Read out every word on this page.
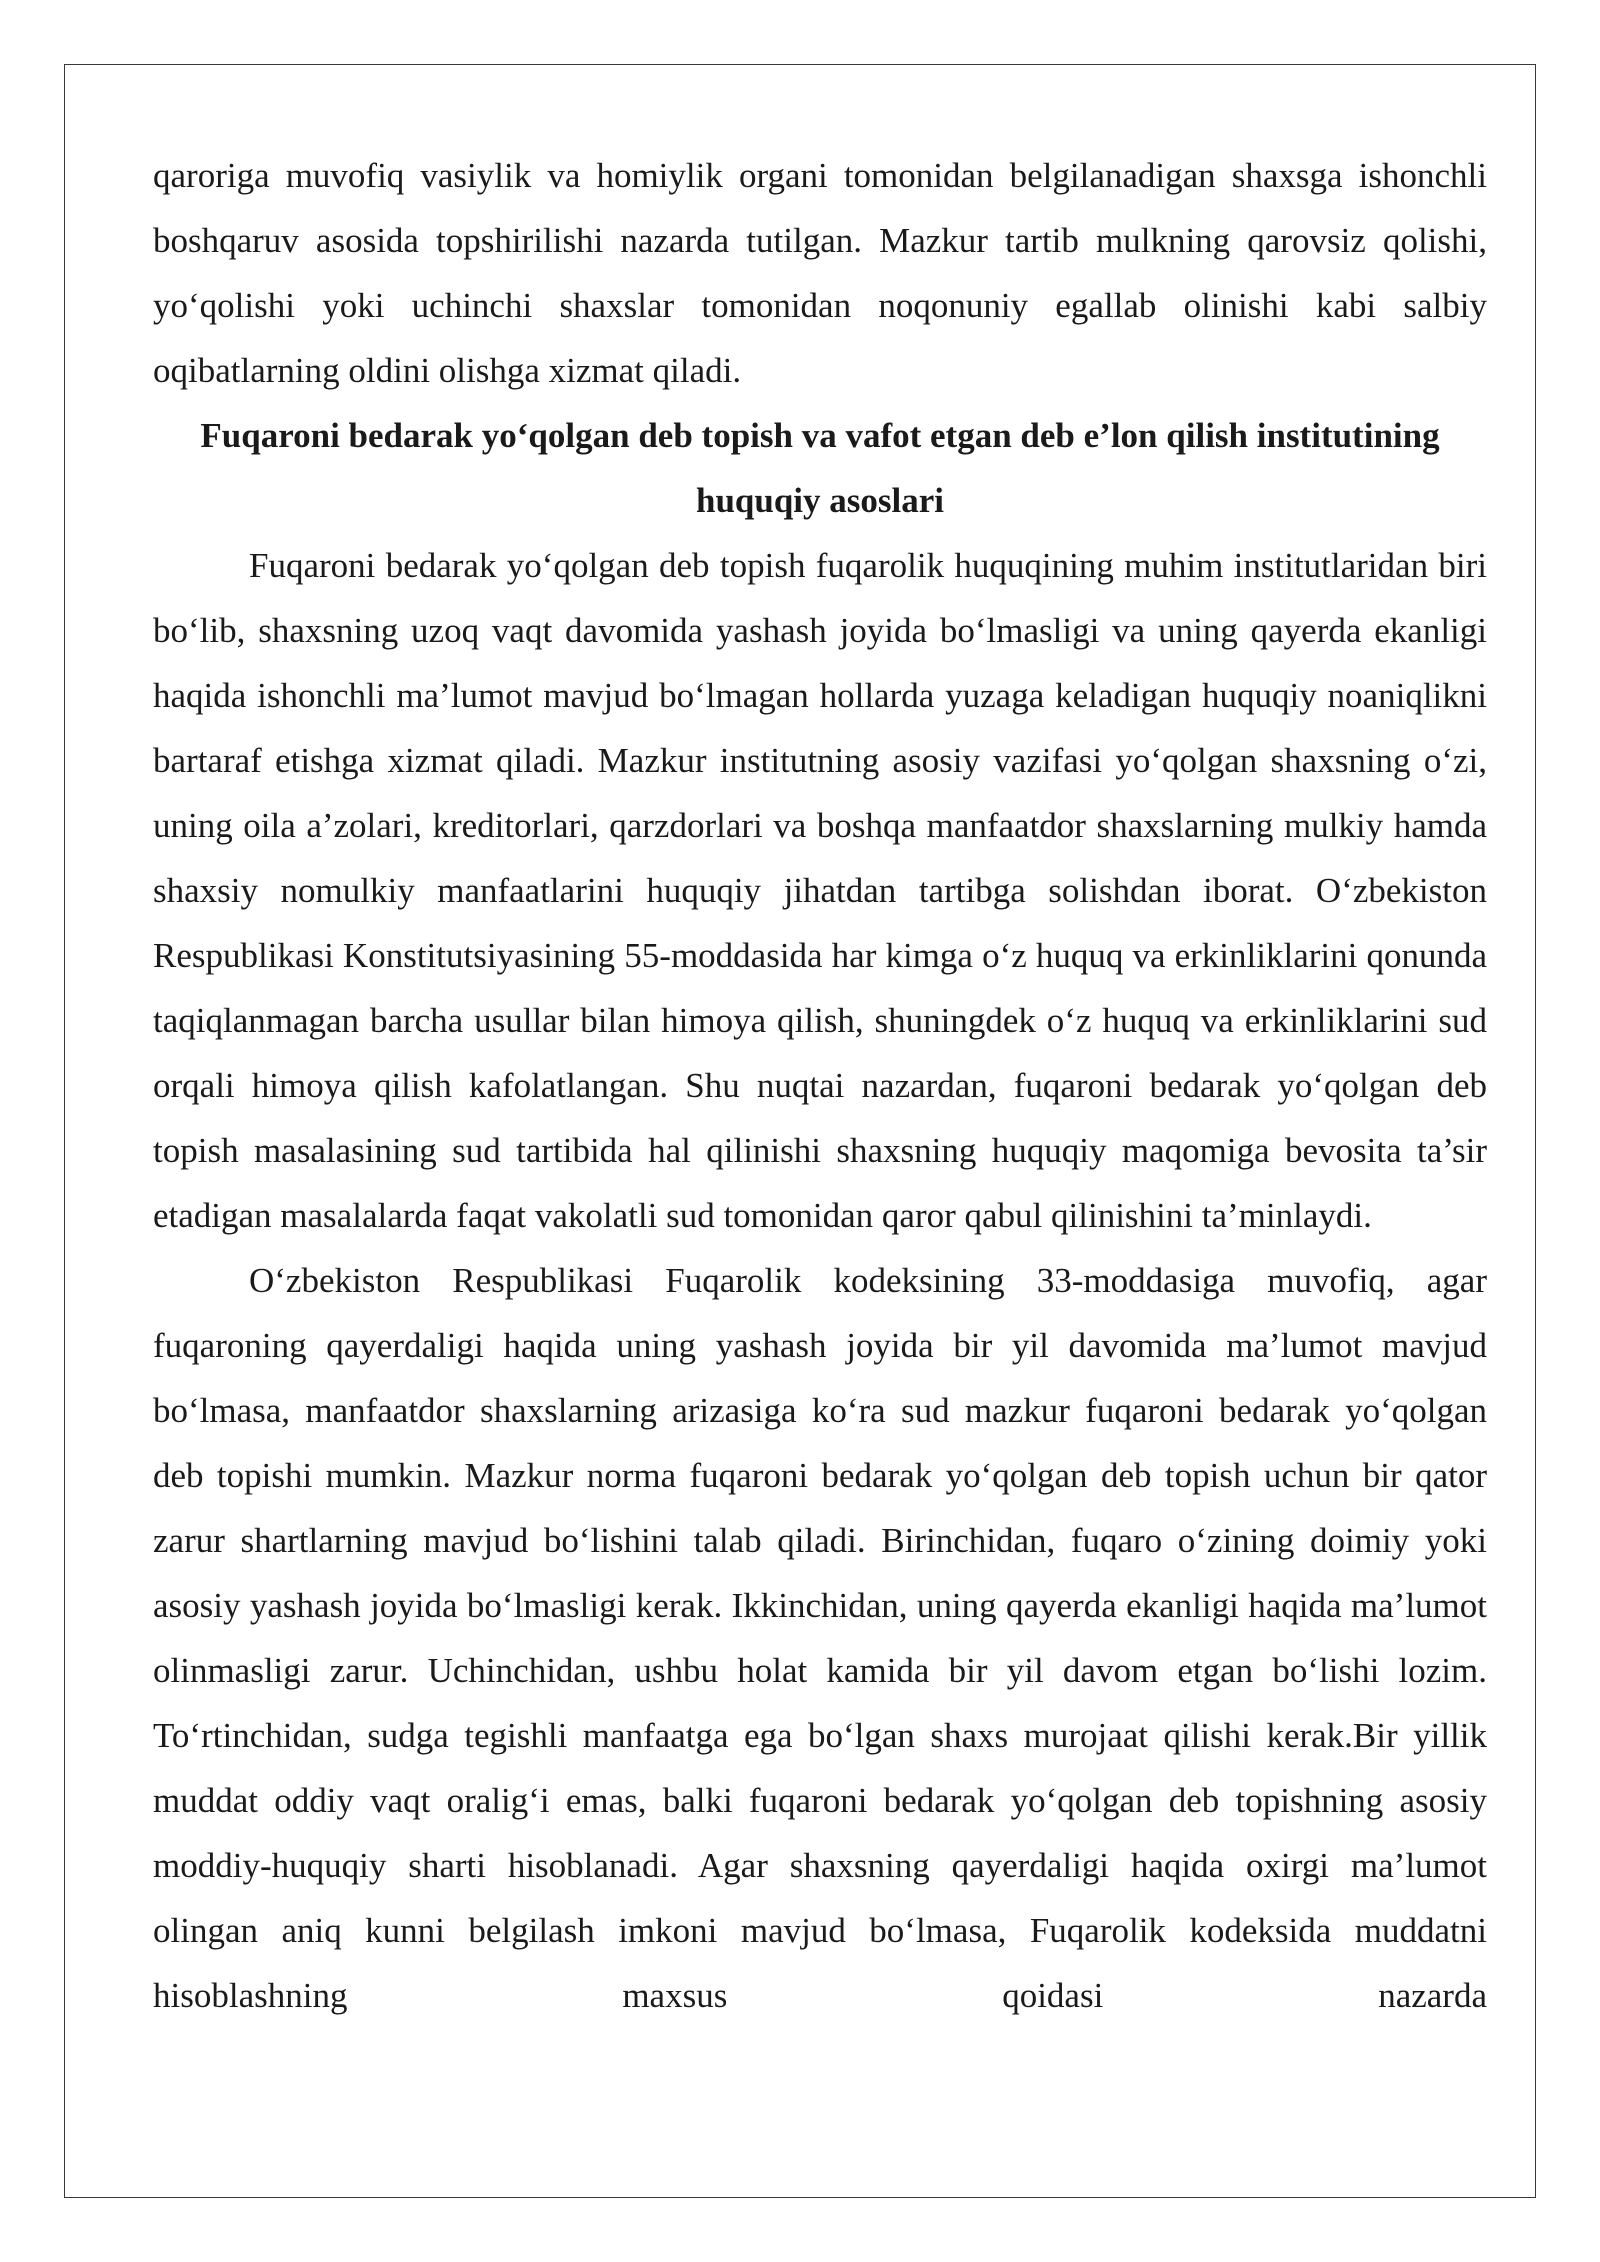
qaroriga muvofiq vasiylik va homiylik organi tomonidan belgilanadigan shaxsga ishonchli boshqaruv asosida topshirilishi nazarda tutilgan. Mazkur tartib mulkning qarovsiz qolishi, yo‘qolishi yoki uchinchi shaxslar tomonidan noqonuniy egallab olinishi kabi salbiy oqibatlarning oldini olishga xizmat qiladi.

Fuqaroni bedarak yo‘qolgan deb topish va vafot etgan deb e’lon qilish institutining huquqiy asoslari

Fuqaroni bedarak yo‘qolgan deb topish fuqarolik huquqining muhim institutlaridan biri bo‘lib, shaxsning uzoq vaqt davomida yashash joyida bo‘lmasligi va uning qayerda ekanligi haqida ishonchli ma’lumot mavjud bo‘lmagan hollarda yuzaga keladigan huquqiy noaniqlikni bartaraf etishga xizmat qiladi. Mazkur institutning asosiy vazifasi yo‘qolgan shaxsning o‘zi, uning oila a’zolari, kreditorlari, qarzdorlari va boshqa manfaatdor shaxslarning mulkiy hamda shaxsiy nomulkiy manfaatlarini huquqiy jihatdan tartibga solishdan iborat. O‘zbekiston Respublikasi Konstitutsiyasining 55-moddasida har kimga o‘z huquq va erkinliklarini qonunda taqiqlanmagan barcha usullar bilan himoya qilish, shuningdek o‘z huquq va erkinliklarini sud orqali himoya qilish kafolatlangan. Shu nuqtai nazardan, fuqaroni bedarak yo‘qolgan deb topish masalasining sud tartibida hal qilinishi shaxsning huquqiy maqomiga bevosita ta’sir etadigan masalalarda faqat vakolatli sud tomonidan qaror qabul qilinishini ta’minlaydi.

O‘zbekiston Respublikasi Fuqarolik kodeksining 33-moddasiga muvofiq, agar fuqaroning qayerdaligi haqida uning yashash joyida bir yil davomida ma’lumot mavjud bo‘lmasa, manfaatdor shaxslarning arizasiga ko‘ra sud mazkur fuqaroni bedarak yo‘qolgan deb topishi mumkin. Mazkur norma fuqaroni bedarak yo‘qolgan deb topish uchun bir qator zarur shartlarning mavjud bo‘lishini talab qiladi. Birinchidan, fuqaro o‘zining doimiy yoki asosiy yashash joyida bo‘lmasligi kerak. Ikkinchidan, uning qayerda ekanligi haqida ma’lumot olinmasligi zarur. Uchinchidan, ushbu holat kamida bir yil davom etgan bo‘lishi lozim. To‘rtinchidan, sudga tegishli manfaatga ega bo‘lgan shaxs murojaat qilishi kerak.Bir yillik muddat oddiy vaqt oralig‘i emas, balki fuqaroni bedarak yo‘qolgan deb topishning asosiy moddiy-huquqiy sharti hisoblanadi. Agar shaxsning qayerdaligi haqida oxirgi ma’lumot olingan aniq kunni belgilash imkoni mavjud bo‘lmasa, Fuqarolik kodeksida muddatni hisoblashning maxsus qoidasi nazarda
